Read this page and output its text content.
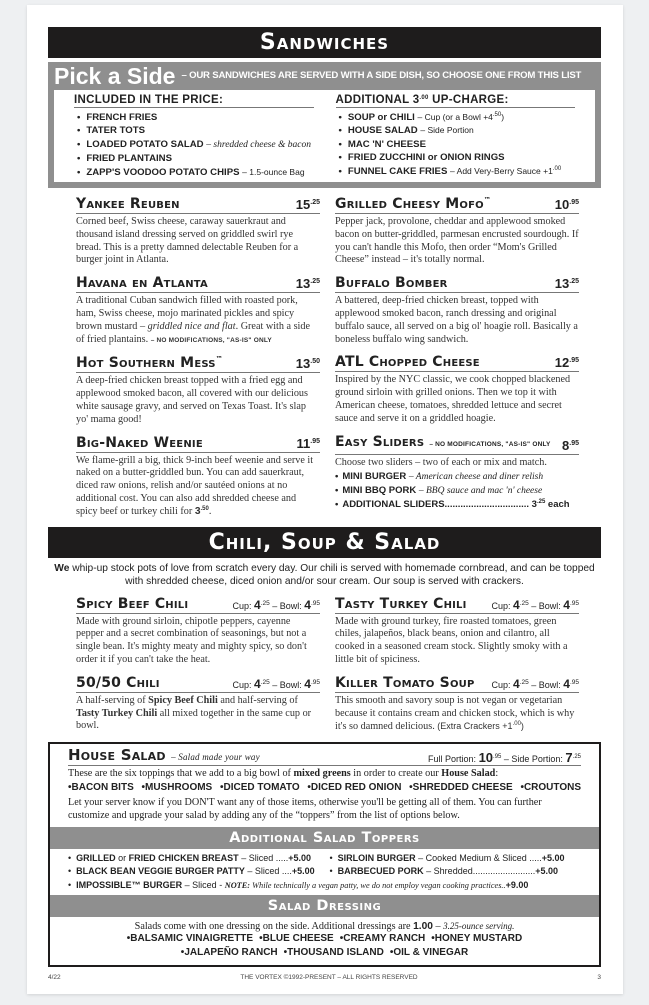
Sandwiches
Pick a Side – OUR SANDWICHES ARE SERVED WITH A SIDE DISH, SO CHOOSE ONE FROM THIS LIST
INCLUDED IN THE PRICE:
• FRENCH FRIES
• TATER TOTS
• LOADED POTATO SALAD – shredded cheese & bacon
• FRIED PLANTAINS
• ZAPP'S VOODOO POTATO CHIPS – 1.5-ounce Bag
ADDITIONAL $3^{.00}$ UP-CHARGE:
• SOUP or CHILI – Cup (or a Bowl $+4^{.50}$)
• HOUSE SALAD – Side Portion
• MAC 'N' CHEESE
• FRIED ZUCCHINI or ONION RINGS
• FUNNEL CAKE FRIES – Add Very-Berry Sauce $+1^{.00}$
Yankee Reuben	$15^{.25}$
Corned beef, Swiss cheese, caraway sauerkraut and thousand island dressing served on griddled swirl rye bread. This is a pretty damned delectable Reuben for a burger joint in Atlanta.
Havana en Atlanta	$13^{.25}$
A traditional Cuban sandwich filled with roasted pork, ham, Swiss cheese, mojo marinated pickles and spicy brown mustard – griddled nice and flat. Great with a side of fried plantains. – NO MODIFICATIONS, "AS-IS" ONLY
Hot Southern Mess™	$13^{.50}$
A deep-fried chicken breast topped with a fried egg and applewood smoked bacon, all covered with our delicious white sausage gravy, and served on Texas Toast. It's slap yo' mama good!
Big-Naked Weenie	$11^{.95}$
We flame-grill a big, thick 9-inch beef weenie and serve it naked on a butter-griddled bun. You can add sauerkraut, diced raw onions, relish and/or sautéed onions at no additional cost. You can also add shredded cheese and spicy beef or turkey chili for $3^{.50}$.
Grilled Cheesy Mofo™	$10^{.95}$
Pepper jack, provolone, cheddar and applewood smoked bacon on butter-griddled, parmesan encrusted sourdough. If you can't handle this Mofo, then order “Mom's Grilled Cheese” instead – it's totally normal.
Buffalo Bomber	$13^{.25}$
A battered, deep-fried chicken breast, topped with applewood smoked bacon, ranch dressing and original buffalo sauce, all served on a big ol' hoagie roll. Basically a boneless buffalo wing sandwich.
ATL Chopped Cheese	$12^{.95}$
Inspired by the NYC classic, we cook chopped blackened ground sirloin with grilled onions. Then we top it with American cheese, tomatoes, shredded lettuce and secret sauce and serve it on a griddled hoagie.
Easy Sliders – NO MODIFICATIONS, "AS-IS" ONLY $8^{.95}$
Choose two sliders – two of each or mix and match.
• MINI BURGER – American cheese and diner relish
• MINI BBQ PORK – BBQ sauce and mac 'n' cheese
• ADDITIONAL SLIDERS................................ $3^{.25}$ each
Chili, Soup & Salad
We whip-up stock pots of love from scratch every day. Our chili is served with homemade cornbread, and can be topped with shredded cheese, diced onion and/or sour cream. Our soup is served with crackers.
Spicy Beef Chili	Cup: $4^{.25}$ – Bowl: $4^{.95}$
Made with ground sirloin, chipotle peppers, cayenne pepper and a secret combination of seasonings, but not a single bean. It's mighty meaty and mighty spicy, so don't order it if you can't take the heat.
50/50 Chili	Cup: $4^{.25}$ – Bowl: $4^{.95}$
A half-serving of Spicy Beef Chili and half-serving of Tasty Turkey Chili all mixed together in the same cup or bowl.
Tasty Turkey Chili	Cup: $4^{.25}$ – Bowl: $4^{.95}$
Made with ground turkey, fire roasted tomatoes, green chiles, jalapeños, black beans, onion and cilantro, all cooked in a seasoned cream stock. Slightly smoky with a little bit of spiciness.
Killer Tomato Soup Cup: $4^{.25}$ – Bowl: $4^{.95}$
This smooth and savory soup is not vegan or vegetarian because it contains cream and chicken stock, which is why it's so damned delicious. (Extra Crackers $+1^{.00}$)
House Salad – Salad made your way	Full Portion: $10^{.95}$ – Side Portion: $7^{.25}$
These are the six toppings that we add to a big bowl of mixed greens in order to create our House Salad:
• BACON BITS	• MUSHROOMS	• DICED TOMATO	• DICED RED ONION	• SHREDDED CHEESE	• CROUTONS
Let your server know if you DON'T want any of those items, otherwise you'll be getting all of them. You can further customize and upgrade your salad by adding any of the “toppers” from the list of options below.
Additional Salad Toppers
• GRILLED or FRIED CHICKEN BREAST – Sliced .....+5.00	• SIRLOIN BURGER – Cooked Medium & Sliced .....+5.00
• BLACK BEAN VEGGIE BURGER PATTY – Sliced ....+5.00	• BARBECUED PORK – Shredded.........................+5.00
• IMPOSSIBLE™ BURGER – Sliced - NOTE: While technically a vegan patty, we do not employ vegan cooking practices..+9.00
Salad Dressing
Salads come with one dressing on the side. Additional dressings are 1.00 – 3.25-ounce serving.
• BALSAMIC VINAIGRETTE • BLUE CHEESE • CREAMY RANCH • HONEY MUSTARD
• JALAPEÑO RANCH • THOUSAND ISLAND • OIL & VINEGAR
4/22	THE VORTEX ©1992-PRESENT – ALL RIGHTS RESERVED	3
